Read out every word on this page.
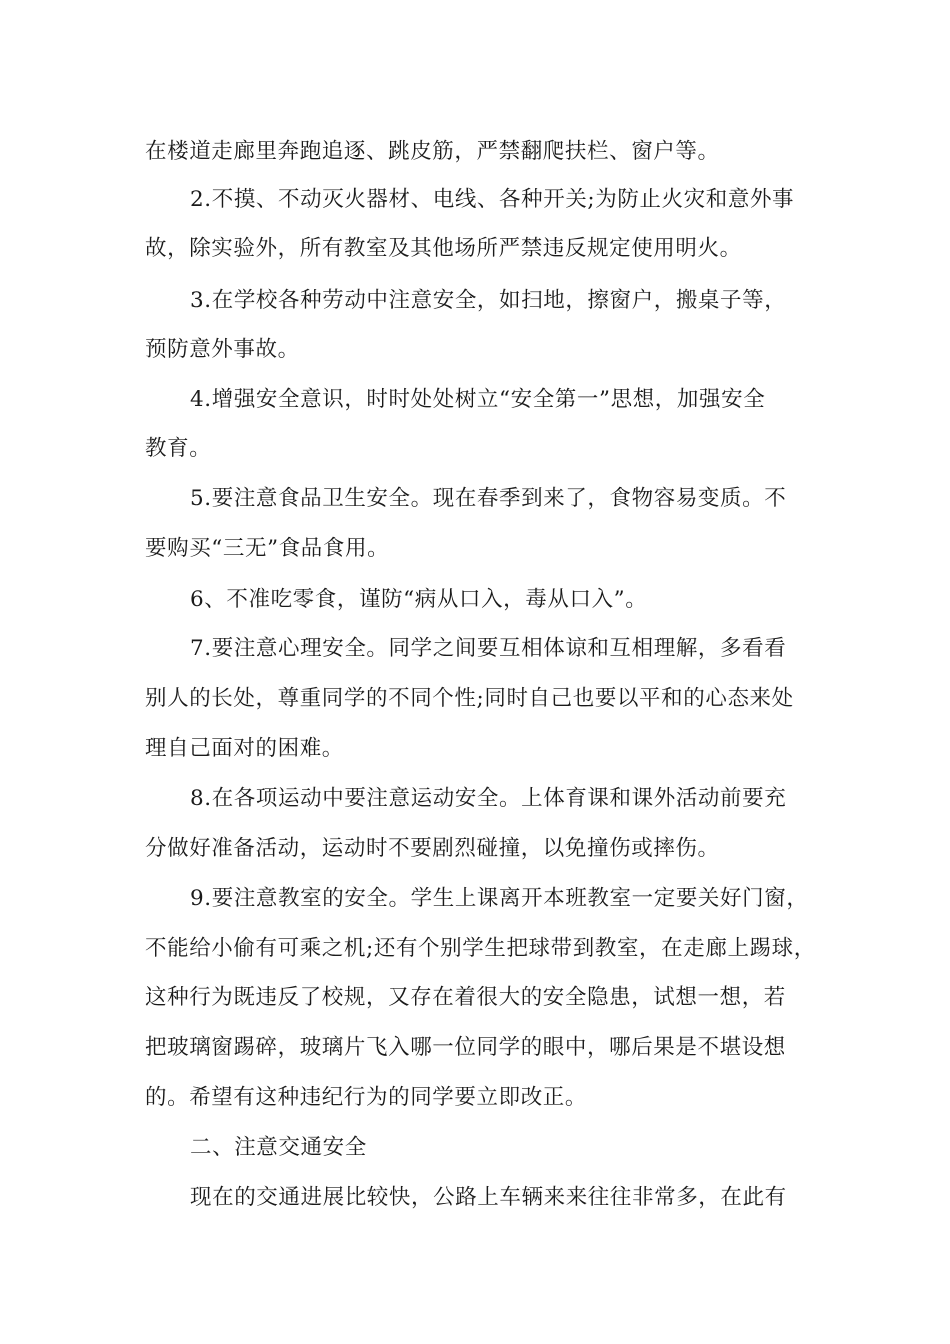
在楼道走廊里奔跑追逐、跳皮筋，严禁翻爬扶栏、窗户等。
2.不摸、不动灭火器材、电线、各种开关;为防止火灾和意外事
故，除实验外，所有教室及其他场所严禁违反规定使用明火。
3.在学校各种劳动中注意安全，如扫地，擦窗户，搬桌子等，
预防意外事故。
4.增强安全意识，时时处处树立“安全第一”思想，加强安全
教育。
5.要注意食品卫生安全。现在春季到来了，食物容易变质。不
要购买“三无”食品食用。
6、不准吃零食，谨防“病从口入，毒从口入”。
7.要注意心理安全。同学之间要互相体谅和互相理解，多看看
别人的长处，尊重同学的不同个性;同时自己也要以平和的心态来处
理自己面对的困难。
8.在各项运动中要注意运动安全。上体育课和课外活动前要充
分做好准备活动，运动时不要剧烈碰撞，以免撞伤或摔伤。
9.要注意教室的安全。学生上课离开本班教室一定要关好门窗，
不能给小偷有可乘之机;还有个别学生把球带到教室，在走廊上踢球，
这种行为既违反了校规，又存在着很大的安全隐患，试想一想，若
把玻璃窗踢碎，玻璃片飞入哪一位同学的眼中，哪后果是不堪设想
的。希望有这种违纪行为的同学要立即改正。
二、注意交通安全
现在的交通进展比较快，公路上车辆来来往往非常多，在此有
